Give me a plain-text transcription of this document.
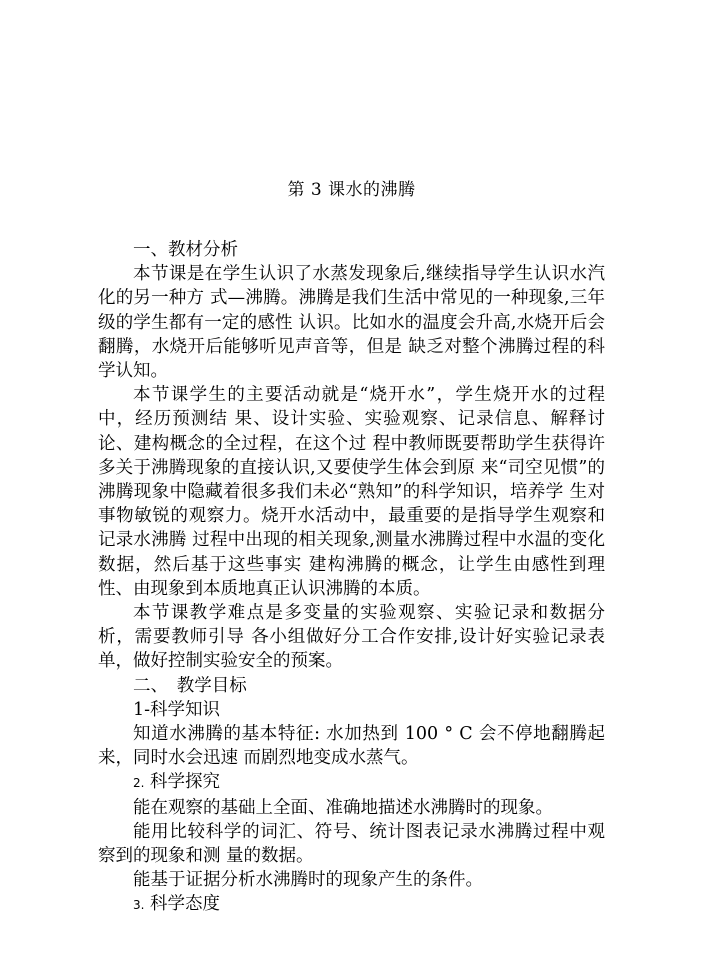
第 3 课水的沸腾

一、教材分析

本节课是在学生认识了水蒸发现象后,继续指导学生认识水汽化的另一种方 式—沸腾。沸腾是我们生活中常见的一种现象,三年级的学生都有一定的感性 认识。比如水的温度会升高,水烧开后会翻腾，水烧开后能够听见声音等，但是 缺乏对整个沸腾过程的科学认知。

本节课学生的主要活动就是“烧开水”，学生烧开水的过程中，经历预测结 果、设计实验、实验观察、记录信息、解释讨论、建构概念的全过程，在这个过 程中教师既要帮助学生获得许多关于沸腾现象的直接认识,又要使学生体会到原 来“司空见惯”的沸腾现象中隐藏着很多我们未必“熟知”的科学知识，培养学 生对事物敏锐的观察力。烧开水活动中，最重要的是指导学生观察和记录水沸腾 过程中出现的相关现象,测量水沸腾过程中水温的变化数据，然后基于这些事实 建构沸腾的概念，让学生由感性到理性、由现象到本质地真正认识沸腾的本质。

本节课教学难点是多变量的实验观察、实验记录和数据分析，需要教师引导 各小组做好分工合作安排,设计好实验记录表单，做好控制实验安全的预案。

二、　教学目标

1-科学知识

知道水沸腾的基本特征: 水加热到 100 ° C 会不停地翻腾起来，同时水会迅速 而剧烈地变成水蒸气。

2. 科学探究

能在观察的基础上全面、准确地描述水沸腾时的现象。

能用比较科学的词汇、符号、统计图表记录水沸腾过程中观察到的现象和测 量的数据。

能基于证据分析水沸腾时的现象产生的条件。

3. 科学态度
